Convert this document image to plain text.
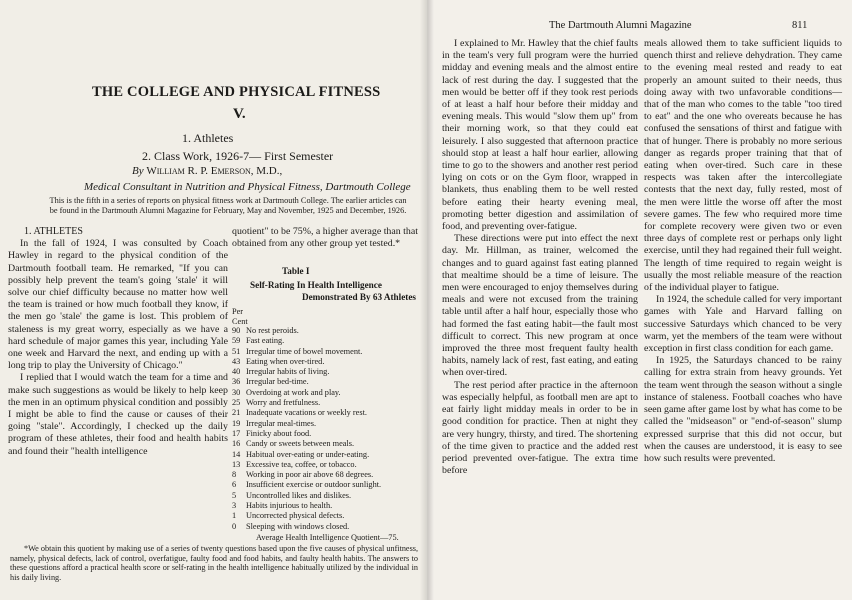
THE COLLEGE AND PHYSICAL FITNESS
V.
1. Athletes
2. Class Work, 1926-7— First Semester
By William R. P. Emerson, M.D.,
Medical Consultant in Nutrition and Physical Fitness, Dartmouth College
This is the fifth in a series of reports on physical fitness work at Dartmouth College. The earlier articles can be found in the Dartmouth Alumni Magazine for February, May and November, 1925 and December, 1926.
1. ATHLETES

In the fall of 1924, I was consulted by Coach Hawley in regard to the physical condition of the Dartmouth football team. He remarked, "If you can possibly help prevent the team's going 'stale' it will solve our chief difficulty because no matter how well the team is trained or how much football they know, if the men go 'stale' the game is lost. This problem of staleness is my great worry, especially as we have a hard schedule of major games this year, including Yale one week and Harvard the next, and ending up with a long trip to play the University of Chicago."

I replied that I would watch the team for a time and make such suggestions as would be likely to help keep the men in an optimum physical condition and possibly I might be able to find the cause or causes of their going "stale". Accordingly, I checked up the daily program of these athletes, their food and health habits and found their "health intelligence

quotient" to be 75%, a higher average than that obtained from any other group yet tested.*

Table I
Self-Rating In Health Intelligence
Demonstrated By 63 Athletes
Per
Cent
90 No rest peroids.
59 Fast eating.
51 Irregular time of bowel movement.
43 Eating when over-tired.
40 Irregular habits of living.
36 Irregular bed-time.
30 Overdoing at work and play.
25 Worry and fretfulness.
21 Inadequate vacations or weekly rest.
19 Irregular meal-times.
17 Finicky about food.
16 Candy or sweets between meals.
14 Habitual over-eating or under-eating.
13 Excessive tea, coffee, or tobacco.
8	Working in poor air above 68 degrees.
6	Insufficient exercise or outdoor sunlight.
5	Uncontrolled likes and dislikes.
3	Habits injurious to health.
1	Uncorrected physical defects.
0	Sleeping with windows closed.
Average Health Intelligence Quotient—75.

*We obtain this quotient by making use of a series of twenty questions based upon the five causes of physical unfitness, namely, physical defects, lack of control, overfatigue, faulty food and food habits, and faulty health habits. The answers to these questions afford a practical health score or self-rating in the health intelligence habitually utilized by the individual in his daily living.

The Dartmouth Alumni Magazine	811

I explained to Mr. Hawley that the chief faults in the team's very full program were the hurried midday and evening meals and the almost entire lack of rest during the day. I suggested that the men would be better off if they took rest periods of at least a half hour before their midday and evening meals. This would "slow them up" from their morning work, so that they could eat leisurely. I also suggested that afternoon practice should stop at least a half hour earlier, allowing time to go to the showers and another rest period lying on cots or on the Gym floor, wrapped in blankets, thus enabling them to be well rested before eating their hearty evening meal, promoting better digestion and assimilation of food, and preventing over-fatigue.

These directions were put into effect the next day. Mr. Hillman, as trainer, welcomed the changes and to guard against fast eating planned that mealtime should be a time of leisure. The men were encouraged to enjoy themselves during meals and were not excused from the training table until after a half hour, especially those who had formed the fast eating habit—the fault most difficult to correct. This new program at once improved the three most frequent faulty health habits, namely lack of rest, fast eating, and eating when over-tired.

The rest period after practice in the afternoon was especially helpful, as football men are apt to eat fairly light midday meals in order to be in good condition for practice. Then at night they are very hungry, thirsty, and tired. The shortening of the time given to practice and the added rest period prevented over-fatigue. The extra time before

meals allowed them to take sufficient liquids to quench thirst and relieve dehydration. They came to the evening meal rested and ready to eat properly an amount suited to their needs, thus doing away with two unfavorable conditions—that of the man who comes to the table "too tired to eat" and the one who overeats because he has confused the sensations of thirst and fatigue with that of hunger. There is probably no more serious danger as regards proper training that that of eating when over-tired. Such care in these respects was taken after the intercollegiate contests that the next day, fully rested, most of the men were little the worse off after the most severe games. The few who required more time for complete recovery were given two or even three days of complete rest or perhaps only light exercise, until they had regained their full weight. The length of time required to regain weight is usually the most reliable measure of the reaction of the individual player to fatigue.

In 1924, the schedule called for very important games with Yale and Harvard falling on successive Saturdays which chanced to be very warm, yet the members of the team were without exception in first class condition for each game.

In 1925, the Saturdays chanced to be rainy calling for extra strain from heavy grounds. Yet the team went through the season without a single instance of staleness. Football coaches who have seen game after game lost by what has come to be called the "midseason" or "end-of-season" slump expressed surprise that this did not occur, but when the causes are understood, it is easy to see how such results were prevented.
